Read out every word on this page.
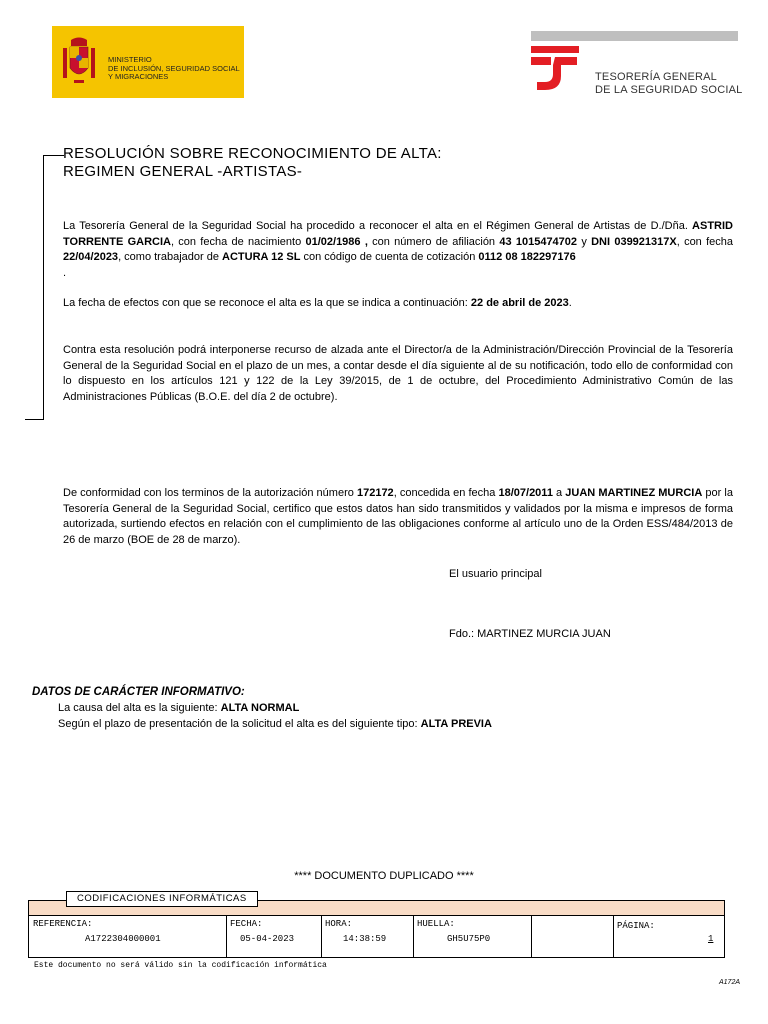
MINISTERIO
DE INCLUSIÓN, SEGURIDAD SOCIAL
Y MIGRACIONES	TESORERÍA GENERAL
DE LA SEGURIDAD SOCIAL
RESOLUCIÓN SOBRE RECONOCIMIENTO DE ALTA:
REGIMEN GENERAL -ARTISTAS-
La Tesorería General de la Seguridad Social ha procedido a reconocer el alta en el Régimen General de Artistas de D./Dña. ASTRID TORRENTE GARCIA, con fecha de nacimiento 01/02/1986 , con número de afiliación 43 1015474702 y DNI 039921317X, con fecha 22/04/2023, como trabajador de ACTURA 12 SL con código de cuenta de cotización 0112 08 182297176
.
La fecha de efectos con que se reconoce el alta es la que se indica a continuación: 22 de abril de 2023.
Contra esta resolución podrá interponerse recurso de alzada ante el Director/a de la Administración/Dirección Provincial de la Tesorería General de la Seguridad Social en el plazo de un mes, a contar desde el día siguiente al de su notificación, todo ello de conformidad con lo dispuesto en los artículos 121 y 122 de la Ley 39/2015, de 1 de octubre, del Procedimiento Administrativo Común de las Administraciones Públicas (B.O.E. del día 2 de octubre).
De conformidad con los terminos de la autorización número 172172, concedida en fecha 18/07/2011 a JUAN MARTINEZ MURCIA por la Tesorería General de la Seguridad Social, certifico que estos datos han sido transmitidos y validados por la misma e impresos de forma autorizada, surtiendo efectos en relación con el cumplimiento de las obligaciones conforme al artículo uno de la Orden ESS/484/2013 de 26 de marzo (BOE de 28 de marzo).
El usuario principal
Fdo.: MARTINEZ MURCIA JUAN
DATOS DE CARÁCTER INFORMATIVO:
La causa del alta es la siguiente: ALTA NORMAL
Según el plazo de presentación de la solicitud el alta es del siguiente tipo: ALTA PREVIA
**** DOCUMENTO DUPLICADO ****
REFERENCIA:
A1722304000001
FECHA:
05-04-2023
HORA:
14:38:59
HUELLA:
GH5U75P0
PÁGINA:
1
CODIFICACIONES INFORMÁTICAS
Este documento no será válido sin la codificación informática
A172A
